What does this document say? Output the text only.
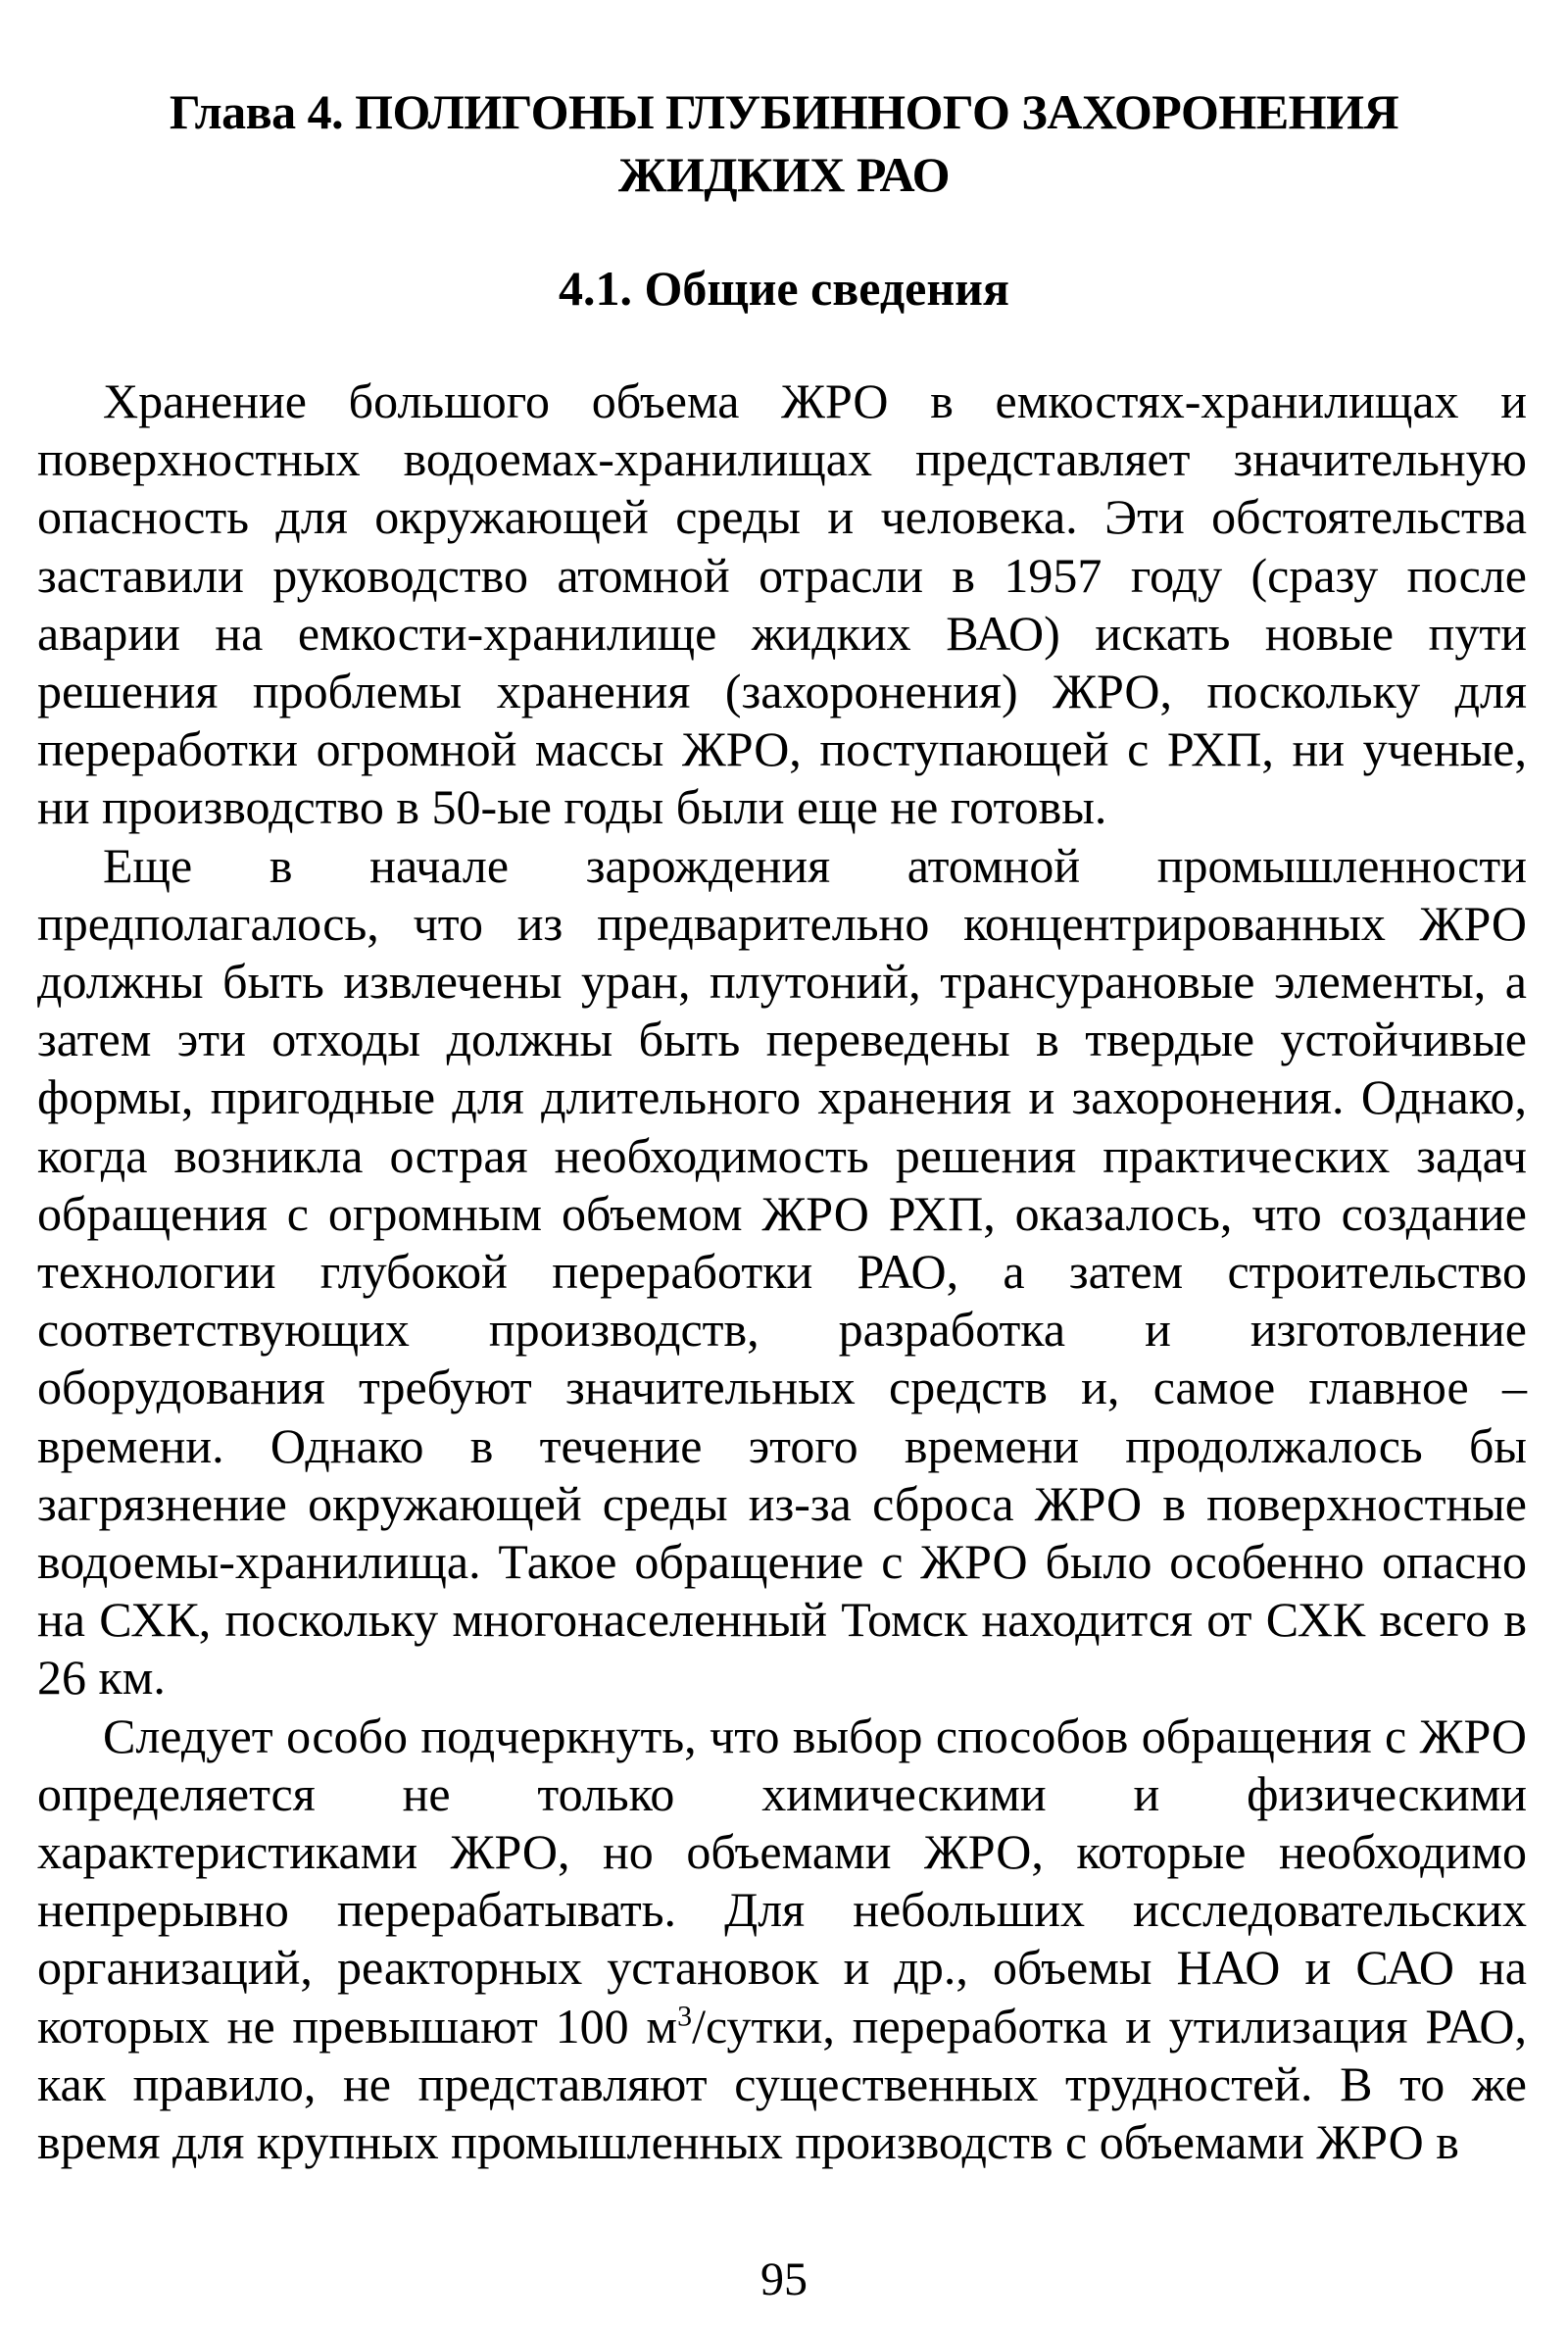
Глава 4. ПОЛИГОНЫ ГЛУБИННОГО ЗАХОРОНЕНИЯ
ЖИДКИХ РАО
4.1. Общие сведения

Хранение большого объема ЖРО в емкостях-хранилищах и поверхностных водоемах-хранилищах представляет значительную опасность для окружающей среды и человека. Эти обстоятельства заставили руководство атомной отрасли в 1957 году (сразу после аварии на емкости-хранилище жидких ВАО) искать новые пути решения проблемы хранения (захоронения) ЖРО, поскольку для переработки огромной массы ЖРО, поступающей с РХП, ни ученые, ни производство в 50-ые годы были еще не готовы.

Еще в начале зарождения атомной промышленности предполагалось, что из предварительно концентрированных ЖРО должны быть извлечены уран, плутоний, трансурановые элементы, а затем эти отходы должны быть переведены в твердые устойчивые формы, пригодные для длительного хранения и захоронения. Однако, когда возникла острая необходимость решения практических задач обращения с огромным объемом ЖРО РХП, оказалось, что создание технологии глубокой переработки РАО, а затем строительство соответствующих производств, разработка и изготовление оборудования требуют значительных средств и, самое главное – времени. Однако в течение этого времени продолжалось бы загрязнение окружающей среды из-за сброса ЖРО в поверхностные водоемы-хранилища. Такое обращение с ЖРО было особенно опасно на СХК, поскольку многонаселенный Томск находится от СХК всего в 26 км.

Следует особо подчеркнуть, что выбор способов обращения с ЖРО определяется не только химическими и физическими характеристиками ЖРО, но объемами ЖРО, которые необходимо непрерывно перерабатывать. Для небольших исследовательских организаций, реакторных установок и др., объемы НАО и САО на которых не превышают 100 $м^3$/сутки, переработка и утилизация РАО, как правило, не представляют существенных трудностей. В то же время для крупных промышленных производств с объемами ЖРО в

95
